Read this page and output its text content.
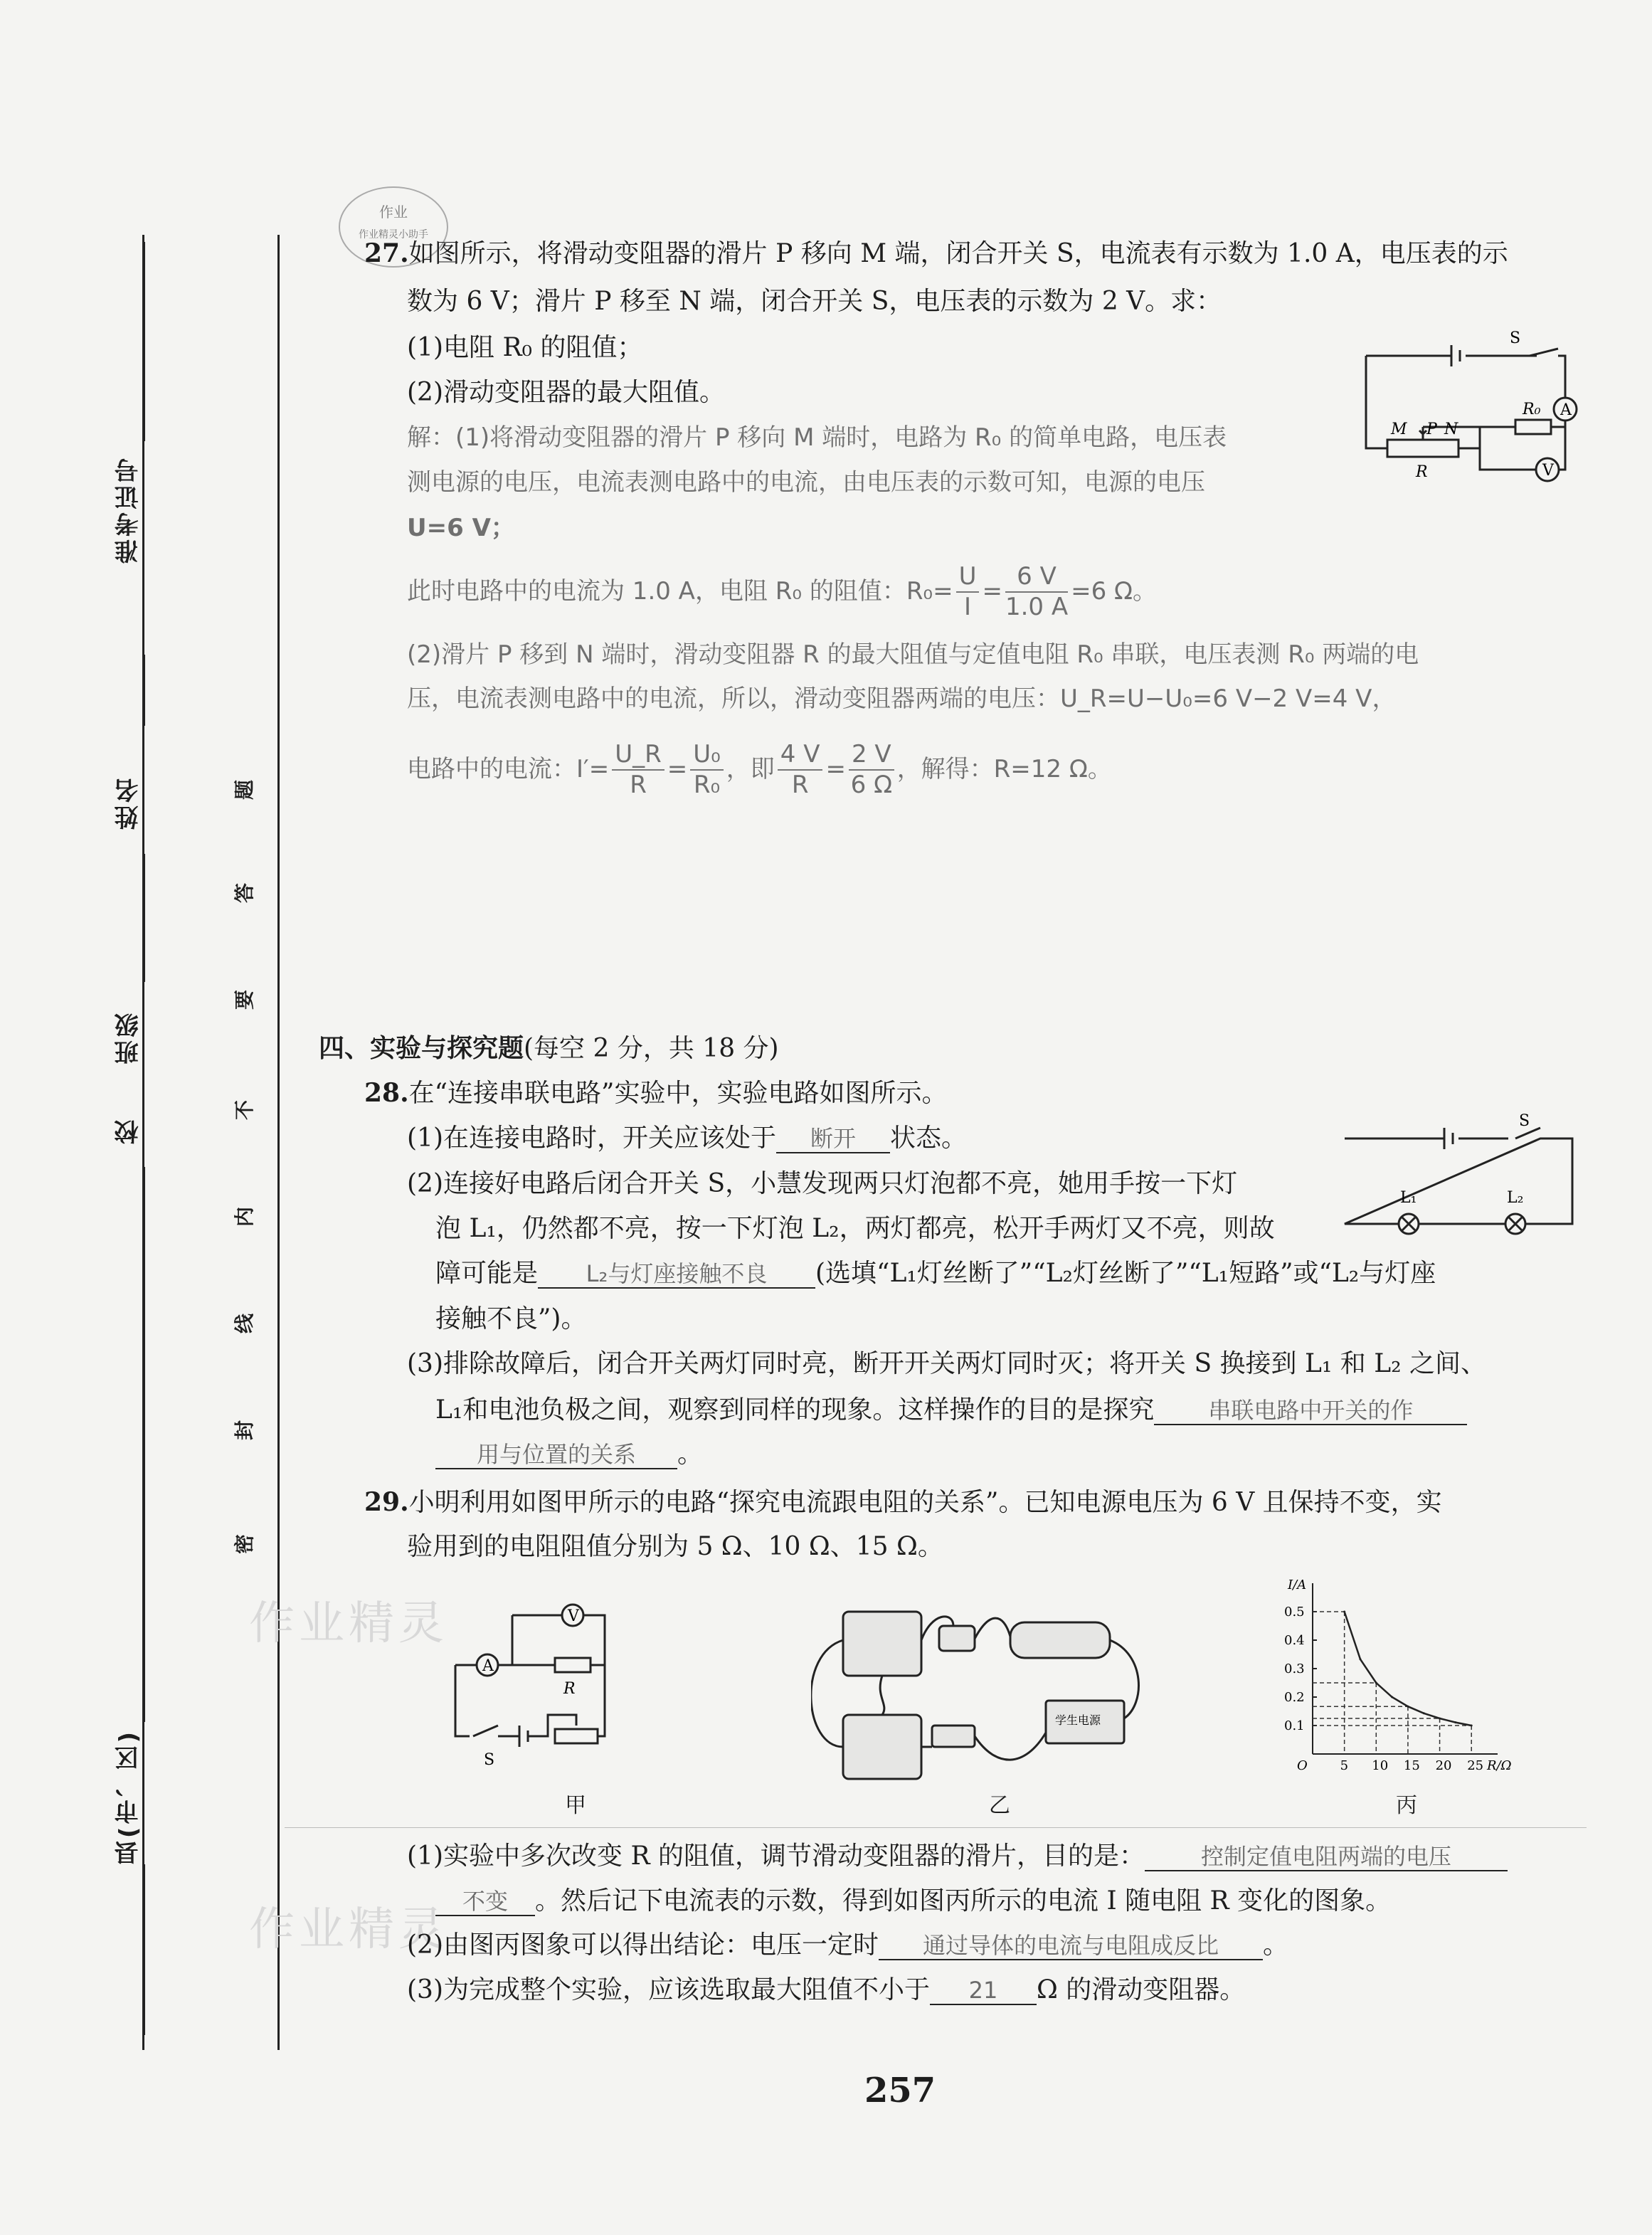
准考证号
姓名
班级
校
县(市、区)
题
答
要
不
内
线
封
密
作业
作业精灵小助手
27.如图所示，将滑动变阻器的滑片 P 移向 M 端，闭合开关 S，电流表有示数为 1.0 A，电压表的示
数为 6 V；滑片 P 移至 N 端，闭合开关 S，电压表的示数为 2 V。求：
(1)电阻 R₀ 的阻值；
(2)滑动变阻器的最大阻值。
解：(1)将滑动变阻器的滑片 P 移向 M 端时，电路为 R₀ 的简单电路，电压表
测电源的电压，电流表测电路中的电流，由电压表的示数可知，电源的电压
U=6 V；
此时电路中的电流为 1.0 A，电阻 R₀ 的阻值：$R_0= \frac{U}{I} = \frac{6 V}{1.0 A} =6$ Ω。
(2)滑片 P 移到 N 端时，滑动变阻器 R 的最大阻值与定值电阻 R₀ 串联，电压表测 R₀ 两端的电
压，电流表测电路中的电流，所以，滑动变阻器两端的电压：U_R=U−U₀=6 V−2 V=4 V，
电路中的电流：$I'= \frac{U\_R}{R} = \frac{\text{U₀}}{\text{R₀}}$ ，即 $\frac{4 V}{R} = \frac{2 V}{6 \Omega}$ ，解得：R=12 Ω。
A
V
S
R₀
M P N
R
四、实验与探究题(每空 2 分，共 18 分)
28.在“连接串联电路”实验中，实验电路如图所示。
(1)在连接电路时，开关应该处于 断开 状态。
(2)连接好电路后闭合开关 S，小慧发现两只灯泡都不亮，她用手按一下灯
泡 L₁，仍然都不亮，按一下灯泡 L₂，两灯都亮，松开手两灯又不亮，则故
障可能是 L₂与灯座接触不良 (选填“L₁灯丝断了”“L₂灯丝断了”“L₁短路”或“L₂与灯座
接触不良”)。
(3)排除故障后，闭合开关两灯同时亮，断开开关两灯同时灭；将开关 S 换接到 L₁ 和 L₂ 之间、
L₁和电池负极之间，观察到同样的现象。这样操作的目的是探究 串联电路中开关的作
用与位置的关系 。
S
L₁	L₂
29.小明利用如图甲所示的电路“探究电流跟电阻的关系”。已知电源电压为 6 V 且保持不变，实
验用到的电阻阻值分别为 5 Ω、10 Ω、15 Ω。
作业精灵
作业精灵
V
A
R
S
学生电源
I/A
R/Ω
O	5 10 15 20 25
0.1
0.2
0.3
0.4
0.5
甲	乙	丙
(1)实验中多次改变 R 的阻值，调节滑动变阻器的滑片，目的是： 控制定值电阻两端的电压
不变 。然后记下电流表的示数，得到如图丙所示的电流 I 随电阻 R 变化的图象。
(2)由图丙图象可以得出结论：电压一定时 通过导体的电流与电阻成反比 。
(3)为完成整个实验，应该选取最大阻值不小于 21 Ω 的滑动变阻器。
257
